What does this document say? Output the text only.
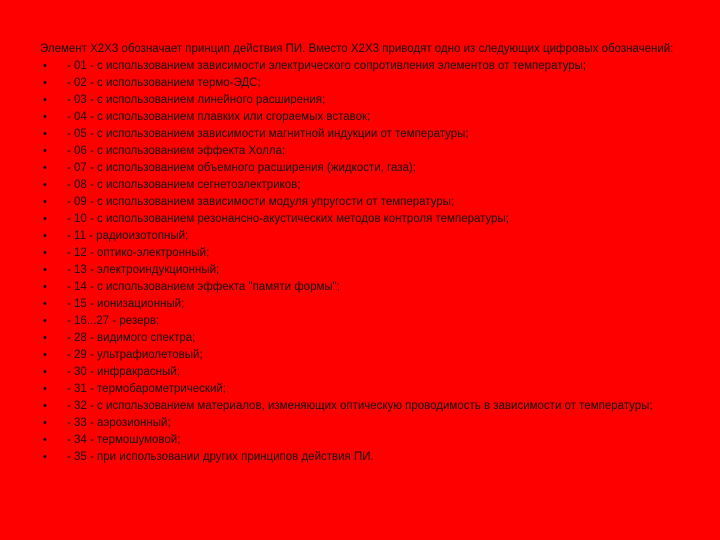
Элемент X2X3 обозначает принцип действия ПИ. Вместо X2X3 приводят одно из следующих цифровых обозначений:
• - 01 - с использованием зависимости электрического сопротивления элементов от температуры;
• - 02 - с использованием термо-ЭДС;
• - 03 - с использованием линейного расширения;
• - 04 - с использованием плавких или сгораемых вставок;
• - 05 - с использованием зависимости магнитной индукции от температуры;
• - 06 - с использованием эффекта Холла;
• - 07 - с использованием объемного расширения (жидкости, газа);
• - 08 - с использованием сегнетоэлектриков;
• - 09 - с использованием зависимости модуля упругости от температуры;
• - 10 - с использованием резонансно-акустических методов контроля температуры;
• - 11 - радиоизотопный;
• - 12 - оптико-электронный;
• - 13 - электроиндукционный;
• - 14 - с использованием эффекта "памяти формы";
• - 15 - ионизационный;
• - 16...27 - резерв;
• - 28 - видимого спектра;
• - 29 - ультрафиолетовый;
• - 30 - инфракрасный;
• - 31 - термобарометрический;
• - 32 - с использованием материалов, изменяющих оптическую проводимость в зависимости от температуры;
• - 33 - аэрозионный;
• - 34 - термошумовой;
• - 35 - при использовании других принципов действия ПИ.
